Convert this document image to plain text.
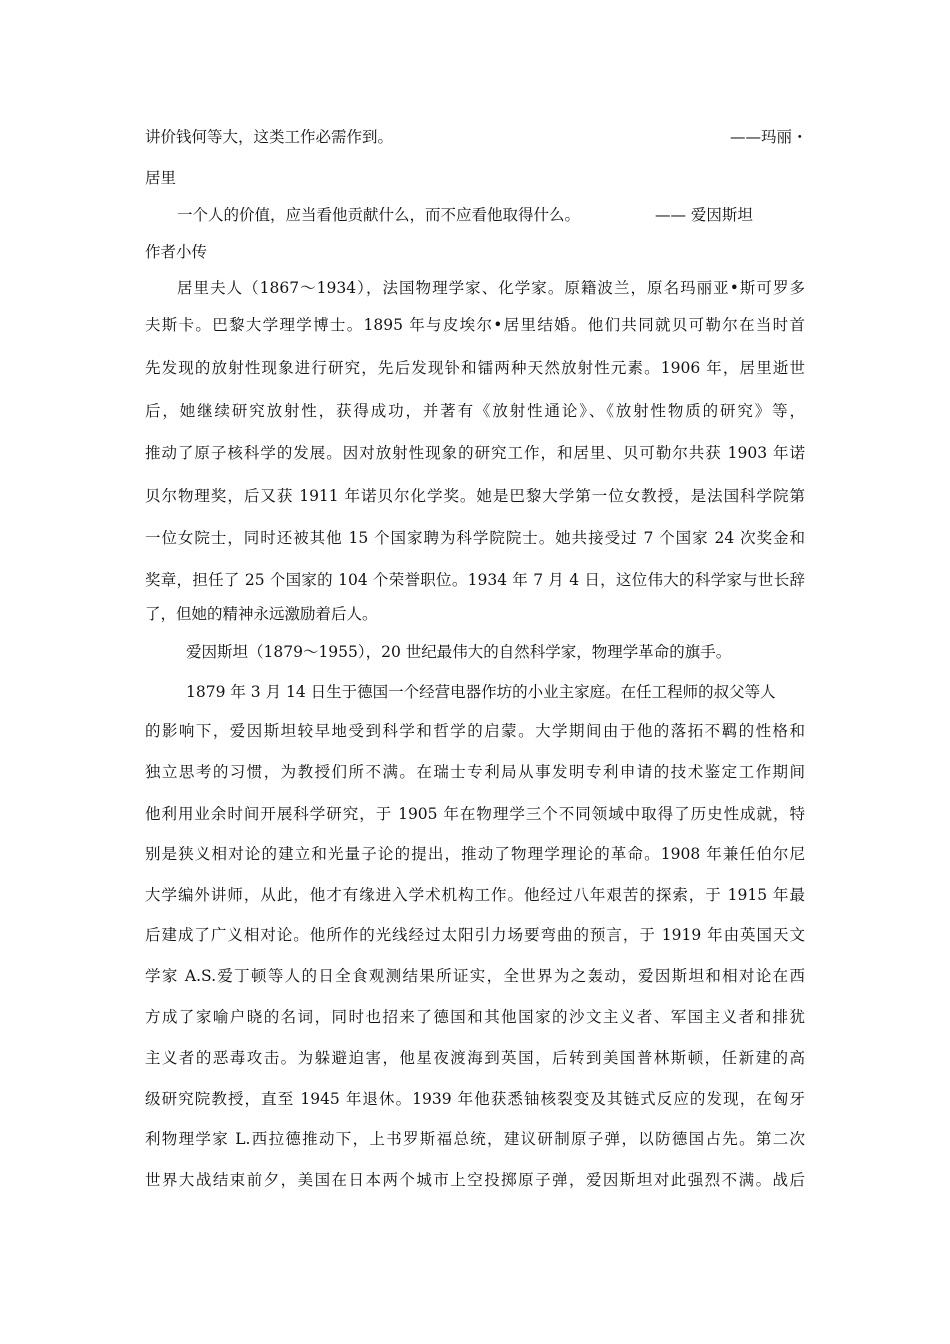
讲价钱何等大，这类工作必需作到。	——玛丽・
居里
一个人的价值，应当看他贡献什么，而不应看他取得什么。	—— 爱因斯坦
作者小传
居里夫人（1867～1934），法国物理学家、化学家。原籍波兰，原名玛丽亚•斯可罗多
夫斯卡。巴黎大学理学博士。1895 年与皮埃尔•居里结婚。他们共同就贝可勒尔在当时首
先发现的放射性现象进行研究，先后发现钋和镭两种天然放射性元素。1906 年，居里逝世
后，她继续研究放射性，获得成功，并著有《放射性通论》、《放射性物质的研究》等，
推动了原子核科学的发展。因对放射性现象的研究工作，和居里、贝可勒尔共获 1903 年诺
贝尔物理奖，后又获 1911 年诺贝尔化学奖。她是巴黎大学第一位女教授，是法国科学院第
一位女院士，同时还被其他 15 个国家聘为科学院院士。她共接受过 7 个国家 24 次奖金和
奖章，担任了 25 个国家的 104 个荣誉职位。1934 年 7 月 4 日，这位伟大的科学家与世长辞
了，但她的精神永远激励着后人。
爱因斯坦（1879～1955），20 世纪最伟大的自然科学家，物理学革命的旗手。
1879 年 3 月 14 日生于德国一个经营电器作坊的小业主家庭。在任工程师的叔父等人
的影响下，爱因斯坦较早地受到科学和哲学的启蒙。大学期间由于他的落拓不羁的性格和
独立思考的习惯，为教授们所不满。在瑞士专利局从事发明专利申请的技术鉴定工作期间
他利用业余时间开展科学研究，于 1905 年在物理学三个不同领域中取得了历史性成就，特
别是狭义相对论的建立和光量子论的提出，推动了物理学理论的革命。1908 年兼任伯尔尼
大学编外讲师，从此，他才有缘进入学术机构工作。他经过八年艰苦的探索，于 1915 年最
后建成了广义相对论。他所作的光线经过太阳引力场要弯曲的预言，于 1919 年由英国天文
学家 A.S.爱丁顿等人的日全食观测结果所证实，全世界为之轰动，爱因斯坦和相对论在西
方成了家喻户晓的名词，同时也招来了德国和其他国家的沙文主义者、军国主义者和排犹
主义者的恶毒攻击。为躲避迫害，他星夜渡海到英国，后转到美国普林斯顿，任新建的高
级研究院教授，直至 1945 年退休。1939 年他获悉铀核裂变及其链式反应的发现，在匈牙
利物理学家 L.西拉德推动下，上书罗斯福总统，建议研制原子弹，以防德国占先。第二次
世界大战结束前夕，美国在日本两个城市上空投掷原子弹，爱因斯坦对此强烈不满。战后
